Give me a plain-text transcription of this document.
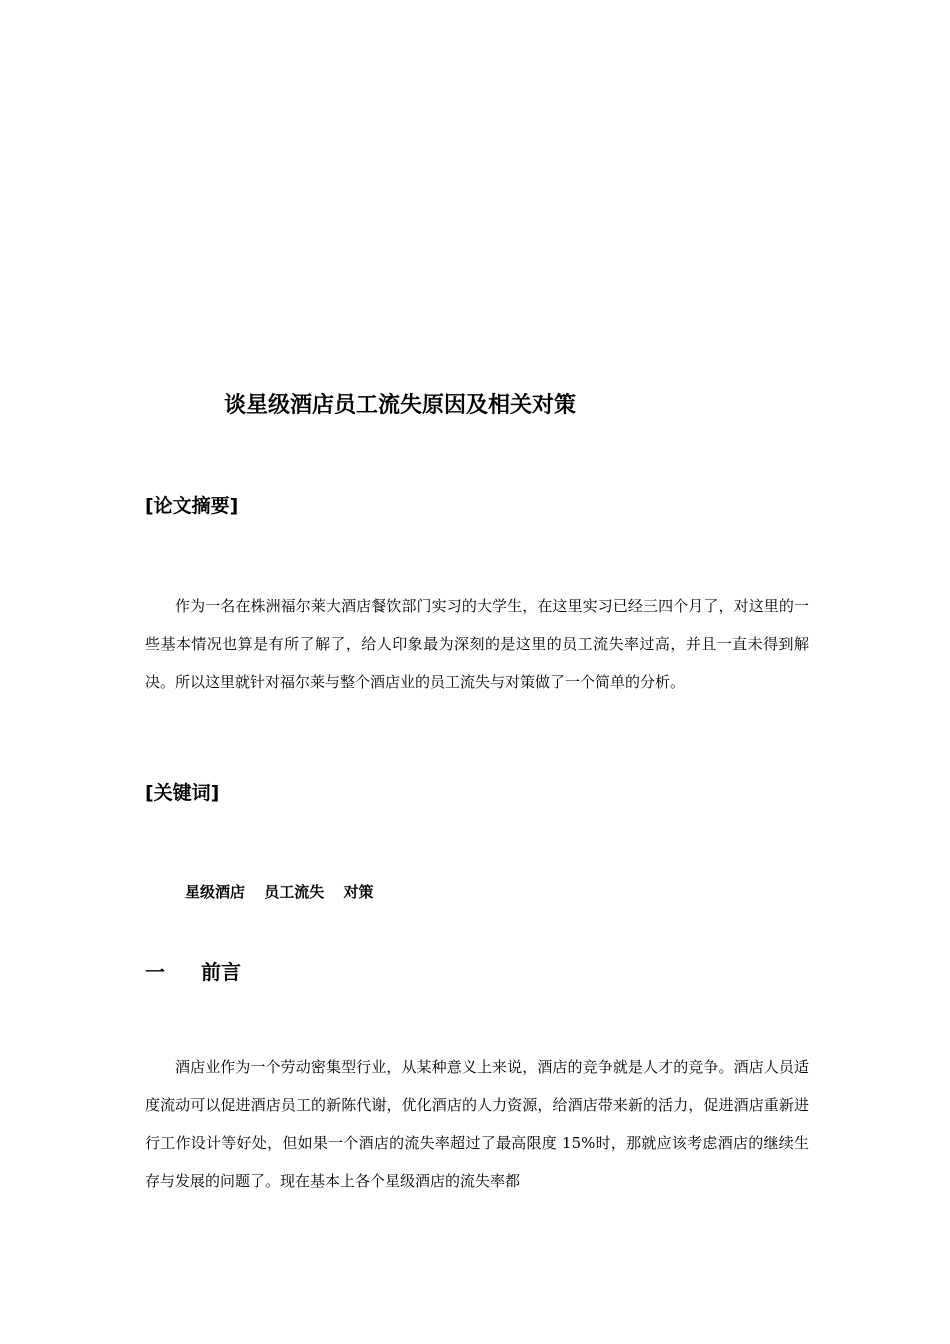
谈星级酒店员工流失原因及相关对策
[论文摘要]
作为一名在株洲福尔莱大酒店餐饮部门实习的大学生，在这里实习已经三四个月了，对这里的一些基本情况也算是有所了解了，给人印象最为深刻的是这里的员工流失率过高，并且一直未得到解决。所以这里就针对福尔莱与整个酒店业的员工流失与对策做了一个简单的分析。
[关键词]
星级酒店 员工流失 对策
一 前言
酒店业作为一个劳动密集型行业，从某种意义上来说，酒店的竞争就是人才的竞争。酒店人员适度流动可以促进酒店员工的新陈代谢，优化酒店的人力资源，给酒店带来新的活力，促进酒店重新进行工作设计等好处，但如果一个酒店的流失率超过了最高限度 15%时，那就应该考虑酒店的继续生存与发展的问题了。现在基本上各个星级酒店的流失率都
